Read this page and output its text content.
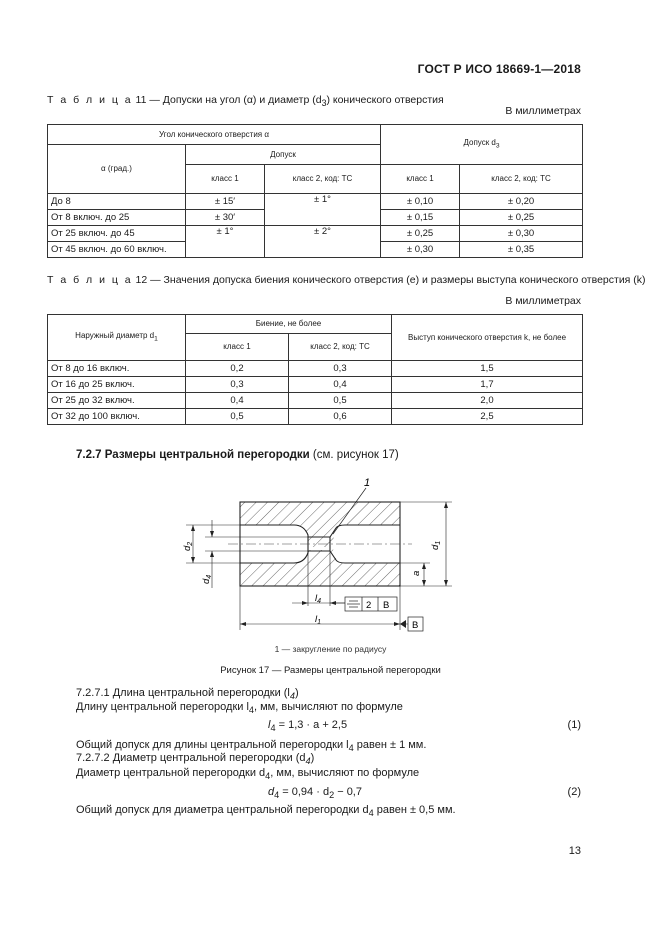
ГОСТ Р ИСО 18669-1—2018
Т а б л и ц а 11 — Допуски на угол (α) и диаметр $(d_3)$ конического отверстия
В миллиметрах
Угол конического отверстия α			Допуск $d_3$
α (град.)	Допуск			
	класс 1	класс 2, код: TC	класс 1	класс 2, код: TC
До 8	± 15′	± 1°	± 0,10	± 0,20
От 8 включ. до 25	± 30′		± 0,15	± 0,25
От 25 включ. до 45	± 1°	± 2°	± 0,25	± 0,30
От 45 включ. до 60 включ.			± 0,30	± 0,35
Т а б л и ц а 12 — Значения допуска биения конического отверстия (e) и размеры выступа конического отверстия (k)
В миллиметрах
Наружный диаметр $d_1$	Биение, не более		Выступ конического отверстия k, не более
	класс 1	класс 2, код: TC	
От 8 до 16 включ.	0,2	0,3	1,5
От 16 до 25 включ.	0,3	0,4	1,7
От 25 до 32 включ.	0,4	0,5	2,0
От 32 до 100 включ.	0,5	0,6	2,5
7.2.7 Размеры центральной перегородки (см. рисунок 17)
1
$d_1$
a
$d_2$
$d_4$
$l_4$	2 B
$l_1$	B
1 — закругление по радиусу
Рисунок 17 — Размеры центральной перегородки
7.2.7.1 Длина центральной перегородки $(l_4)$
Длину центральной перегородки $l_4$, мм, вычисляют по формуле
$l_4 = 1,3 \cdot a + 2,5$	(1)
Общий допуск для длины центральной перегородки $l_4$ равен ± 1 мм.
7.2.7.2 Диаметр центральной перегородки $(d_4)$
Диаметр центральной перегородки $d_4$, мм, вычисляют по формуле
$d_4 = 0,94 \cdot d_2 - 0,7$	(2)
Общий допуск для диаметра центральной перегородки $d_4$ равен ± 0,5 мм.
13
